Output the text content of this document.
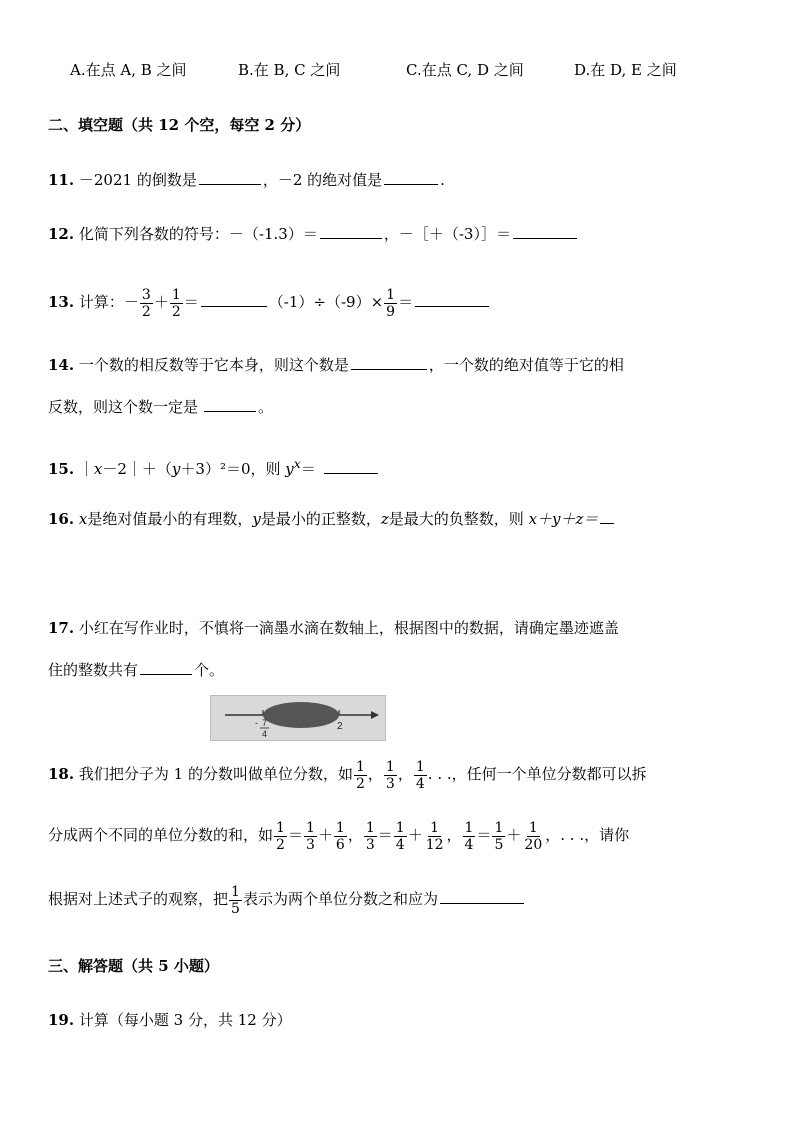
A.在点 A, B 之间	B.在 B, C 之间	C.在点 C, D 之间	D.在 D, E 之间
二、填空题（共 12 个空，每空 2 分）
11. －2021 的倒数是	，－2 的绝对值是	.
12. 化简下列各数的符号：－（-1.3）＝	，－［＋（-3）］＝
13. 计算：－ $\frac{3}{2} + \frac{1}{2}$ ＝	$(-1)\div(-9)\times \frac{1}{9}$ ＝
14. 一个数的相反数等于它本身，则这个数是	，一个数的绝对值等于它的相
反数，则这个数一定是	。
15. ｜x－2｜＋（y＋3）²＝0，则 $y^x=$
16. x是绝对值最小的有理数，y是最小的正整数，z是最大的负整数，则 x＋y＋z＝
17. 小红在写作业时，不慎将一滴墨水滴在数轴上，根据图中的数据，请确定墨迹遮盖
住的整数共有	个。
- 7
4
2
18. 我们把分子为 1 的分数叫做单位分数，如 $\frac{1}{2}$ ， $\frac{1}{3}$ ， $\frac{1}{4}$ . . .，任何一个单位分数都可以拆
分成两个不同的单位分数的和，如 $\frac{1}{2} = \frac{1}{3} + \frac{1}{6}$ ， $\frac{1}{3} = \frac{1}{4} + \frac{1}{12}$ ， $\frac{1}{4} = \frac{1}{5} + \frac{1}{20}$ ，. . .，请你
根据对上述式子的观察，把 $\frac{1}{5}$ 表示为两个单位分数之和应为
三、解答题（共 5 小题）
19. 计算（每小题 3 分，共 12 分）
